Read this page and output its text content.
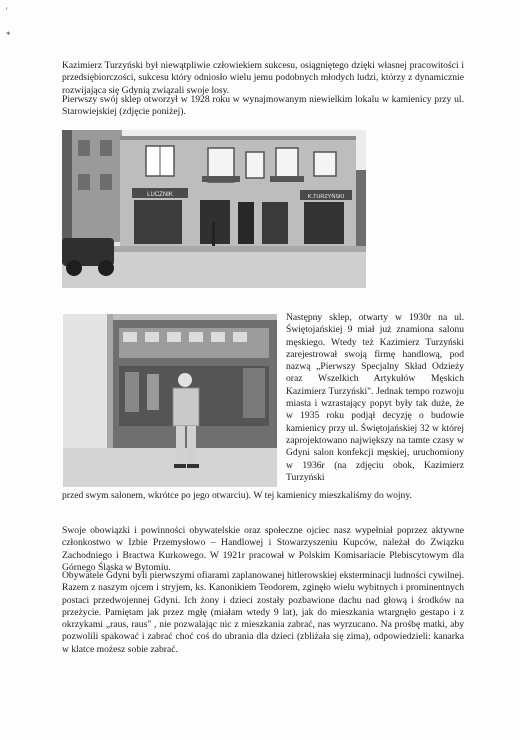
'
*

Kazimierz Turzyński był niewątpliwie człowiekiem sukcesu, osiągniętego dzięki własnej pracowitości i przedsiębiorczości, sukcesu który odniosło wielu jemu podobnych młodych ludzi, którzy z dynamicznie rozwijająca się Gdynią związali swoje losy.

Pierwszy swój sklep otworzył w 1928 roku w wynajmowanym niewielkim lokalu w kamienicy przy ul. Starowiejskiej (zdjęcie poniżej).

LUCZNIK	K.TURZYŃSKI

Następny sklep, otwarty w 1930r na ul. Świętojańskiej 9 miał już znamiona salonu męskiego. Wtedy też Kazimierz Turzyński zarejestrował swoją firmę handlową, pod nazwą „Pierwszy Specjalny Skład Odzieży oraz Wszelkich Artykułów Męskich Kazimierz Turzyński". Jednak tempo rozwoju miasta i wzrastający popyt były tak duże, że w 1935 roku podjął decyzję o budowie kamienicy przy ul. Świętojańskiej 32 w której zaprojektowano największy na tamte czasy w Gdyni salon konfekcji męskiej, uruchomiony w 1936r (na zdjęciu obok, Kazimierz Turzyński

przed swym salonem, wkrótce po jego otwarciu). W tej kamienicy mieszkaliśmy do wojny.

Swoje obowiązki i powinności obywatelskie oraz społeczne ojciec nasz wypełniał poprzez aktywne członkostwo w Izbie Przemysłowo – Handlowej i Stowarzyszeniu Kupców, należał do Związku Zachodniego i Bractwa Kurkowego. W 1921r pracował w Polskim Komisariacie Plebiscytowym dla Górnego Śląska w Bytomiu.

Obywatele Gdyni byli pierwszymi ofiarami zaplanowanej hitlerowskiej eksterminacji ludności cywilnej. Razem z naszym ojcem i stryjem, ks. Kanonikiem Teodorem, zginęło wielu wybitnych i prominentnych postaci przedwojennej Gdyni. Ich żony i dzieci zostały pozbawione dachu nad głową i środków na przeżycie. Pamiętam jak przez mgłę (miałam wtedy 9 lat), jak do mieszkania wtargnęło gestapo i z okrzykami „raus, raus" , nie pozwalając nic z mieszkania zabrać, nas wyrzucano. Na prośbę matki, aby pozwolili spakować i zabrać choć coś do ubrania dla dzieci (zbliżała się zima), odpowiedzieli: kanarka w klatce możesz sobie zabrać.
